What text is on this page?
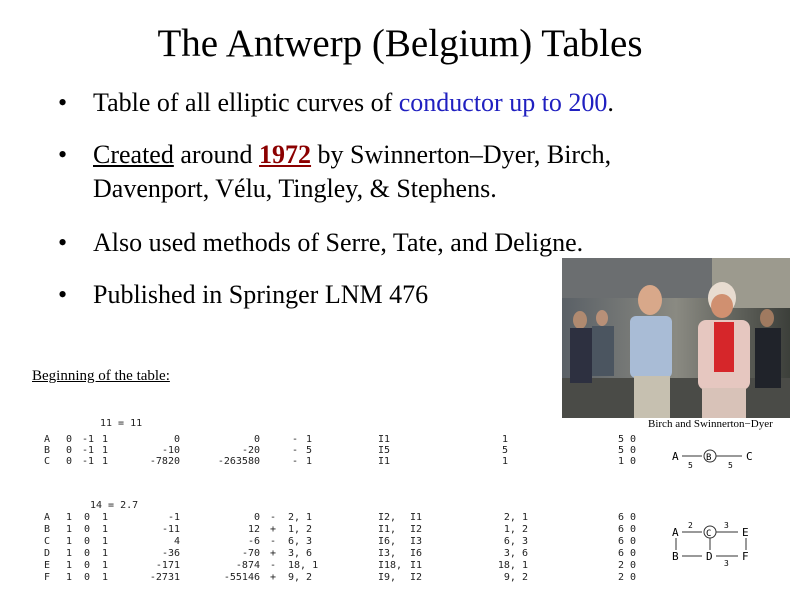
The Antwerp (Belgium) Tables
• Table of all elliptic curves of conductor up to 200.
• Created around 1972 by Swinnerton–Dyer, Birch,
Davenport, Vélu, Tingley, & Stephens.
• Also used methods of Serre, Tate, and Deligne.
• Published in Springer LNM 476
Birch and Swinnerton−Dyer
Beginning of the table:
11 = 11
14 = 2.7
A	0 -1 1	0	0	- 1	I1	1	5 0
B	0 -1 1	-10	-20	- 5	I5	5	5 0
C	0 -1 1	-7820	-263580	- 1	I1	1	1 0
A	1	0	1	-1	0 - 2, 1	I2, I1	2, 1	6 0
B	1	0	1	-11	12 + 1, 2	I1, I2	1, 2	6 0
C	1	0	1	4	-6 - 6, 3	I6, I3	6, 3	6 0
D	1	0	1	-36	-70 + 3, 6	I3, I6	3, 6	6 0
E	1	0	1	-171	-874 - 18, 1	I18, I1	18, 1	2 0
F	1	0	1	-2731	-55146 + 9, 2	I9, I2	9, 2	2 0
A
5
B
5
C
A
2
C
3
E
B D
3
F
